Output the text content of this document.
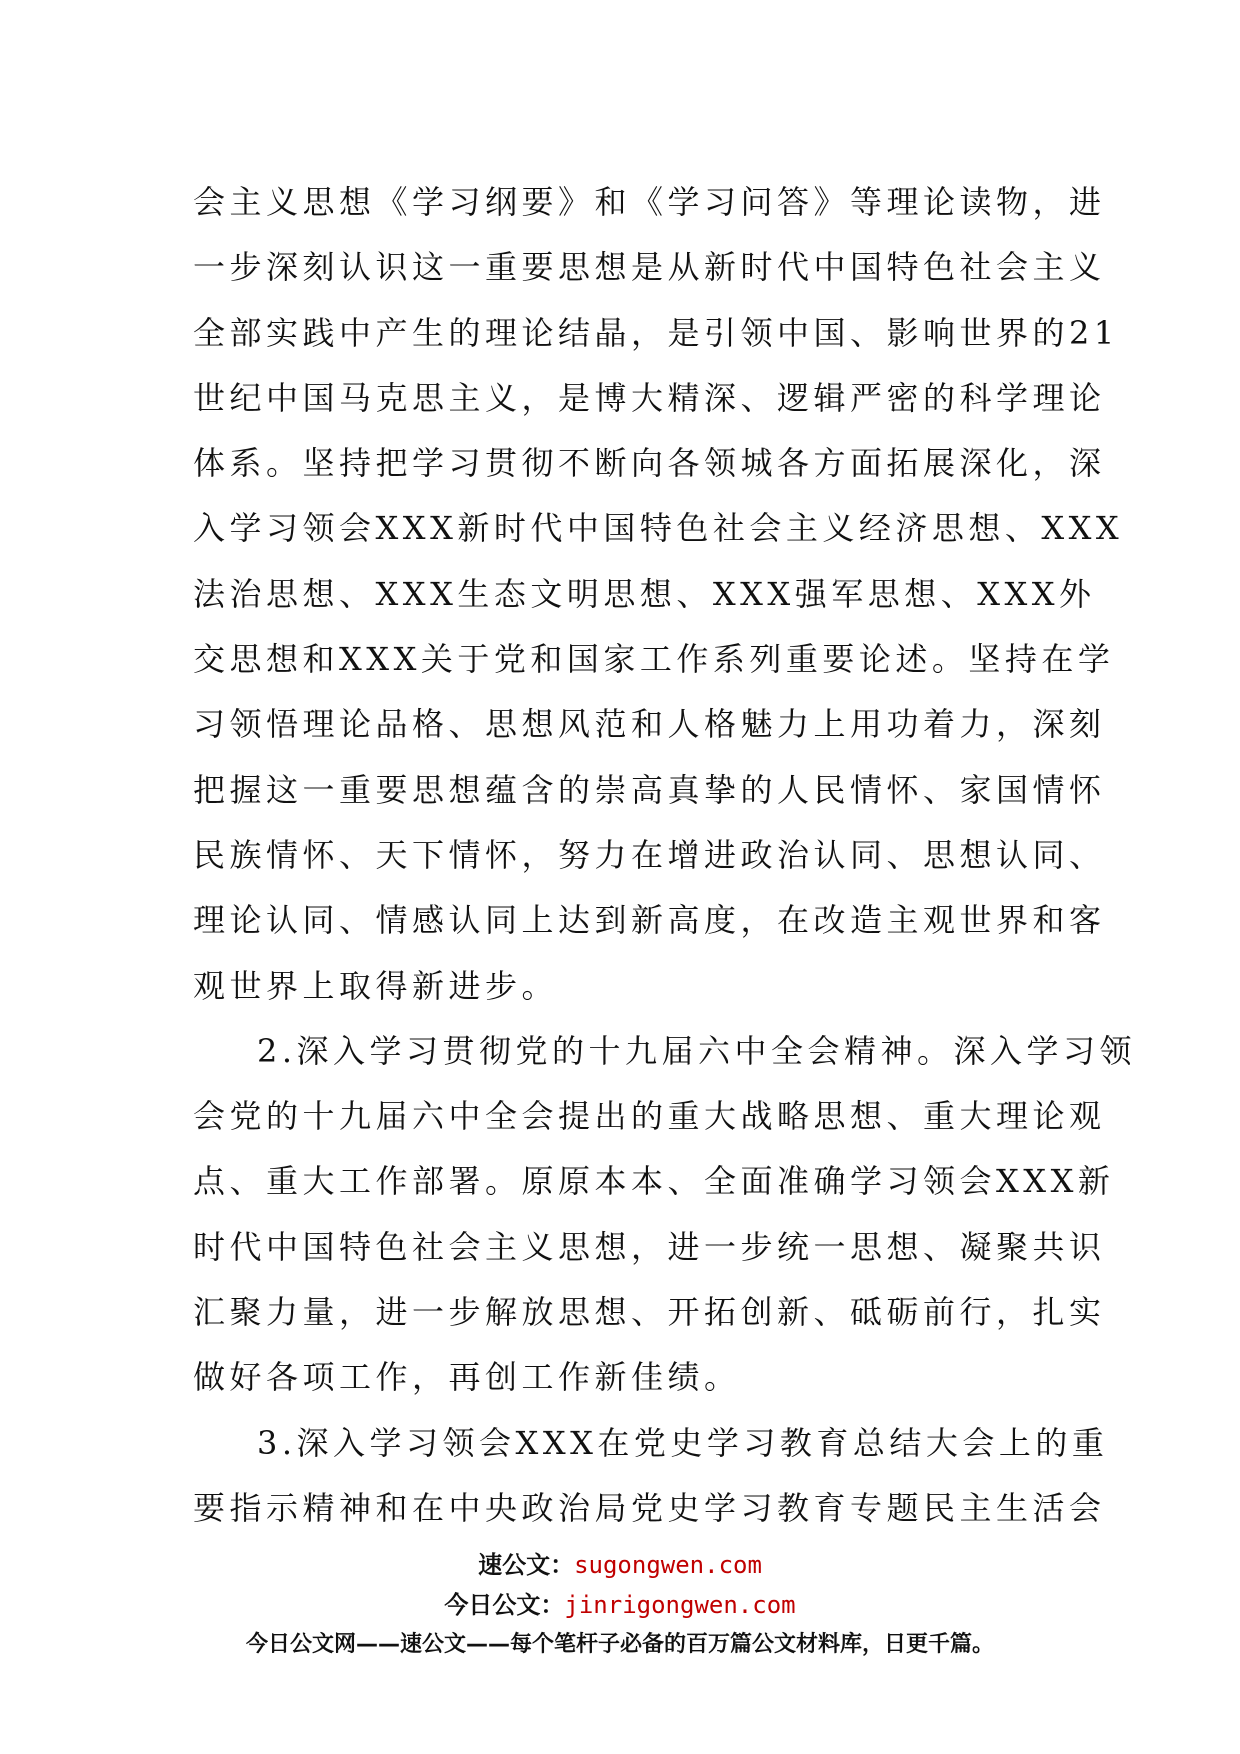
会主义思想《学习纲要》和《学习问答》等理论读物，进
一步深刻认识这一重要思想是从新时代中国特色社会主义
全部实践中产生的理论结晶，是引领中国、影响世界的21
世纪中国马克思主义，是博大精深、逻辑严密的科学理论
体系。坚持把学习贯彻不断向各领城各方面拓展深化，深
入学习领会XXX新时代中国特色社会主义经济思想、XXX
法治思想、XXX生态文明思想、XXX强军思想、XXX外
交思想和XXX关于党和国家工作系列重要论述。坚持在学
习领悟理论品格、思想风范和人格魅力上用功着力，深刻
把握这一重要思想蕴含的崇高真挚的人民情怀、家国情怀
民族情怀、天下情怀，努力在增进政治认同、思想认同、
理论认同、情感认同上达到新高度，在改造主观世界和客
观世界上取得新进步。
2.深入学习贯彻党的十九届六中全会精神。深入学习领
会党的十九届六中全会提出的重大战略思想、重大理论观
点、重大工作部署。原原本本、全面准确学习领会XXX新
时代中国特色社会主义思想，进一步统一思想、凝聚共识
汇聚力量，进一步解放思想、开拓创新、砥砺前行，扎实
做好各项工作，再创工作新佳绩。
3.深入学习领会XXX在党史学习教育总结大会上的重
要指示精神和在中央政治局党史学习教育专题民主生活会
速公文：sugongwen.com
今日公文：jinrigongwen.com
今日公文网——速公文——每个笔杆子必备的百万篇公文材料库，日更千篇。
